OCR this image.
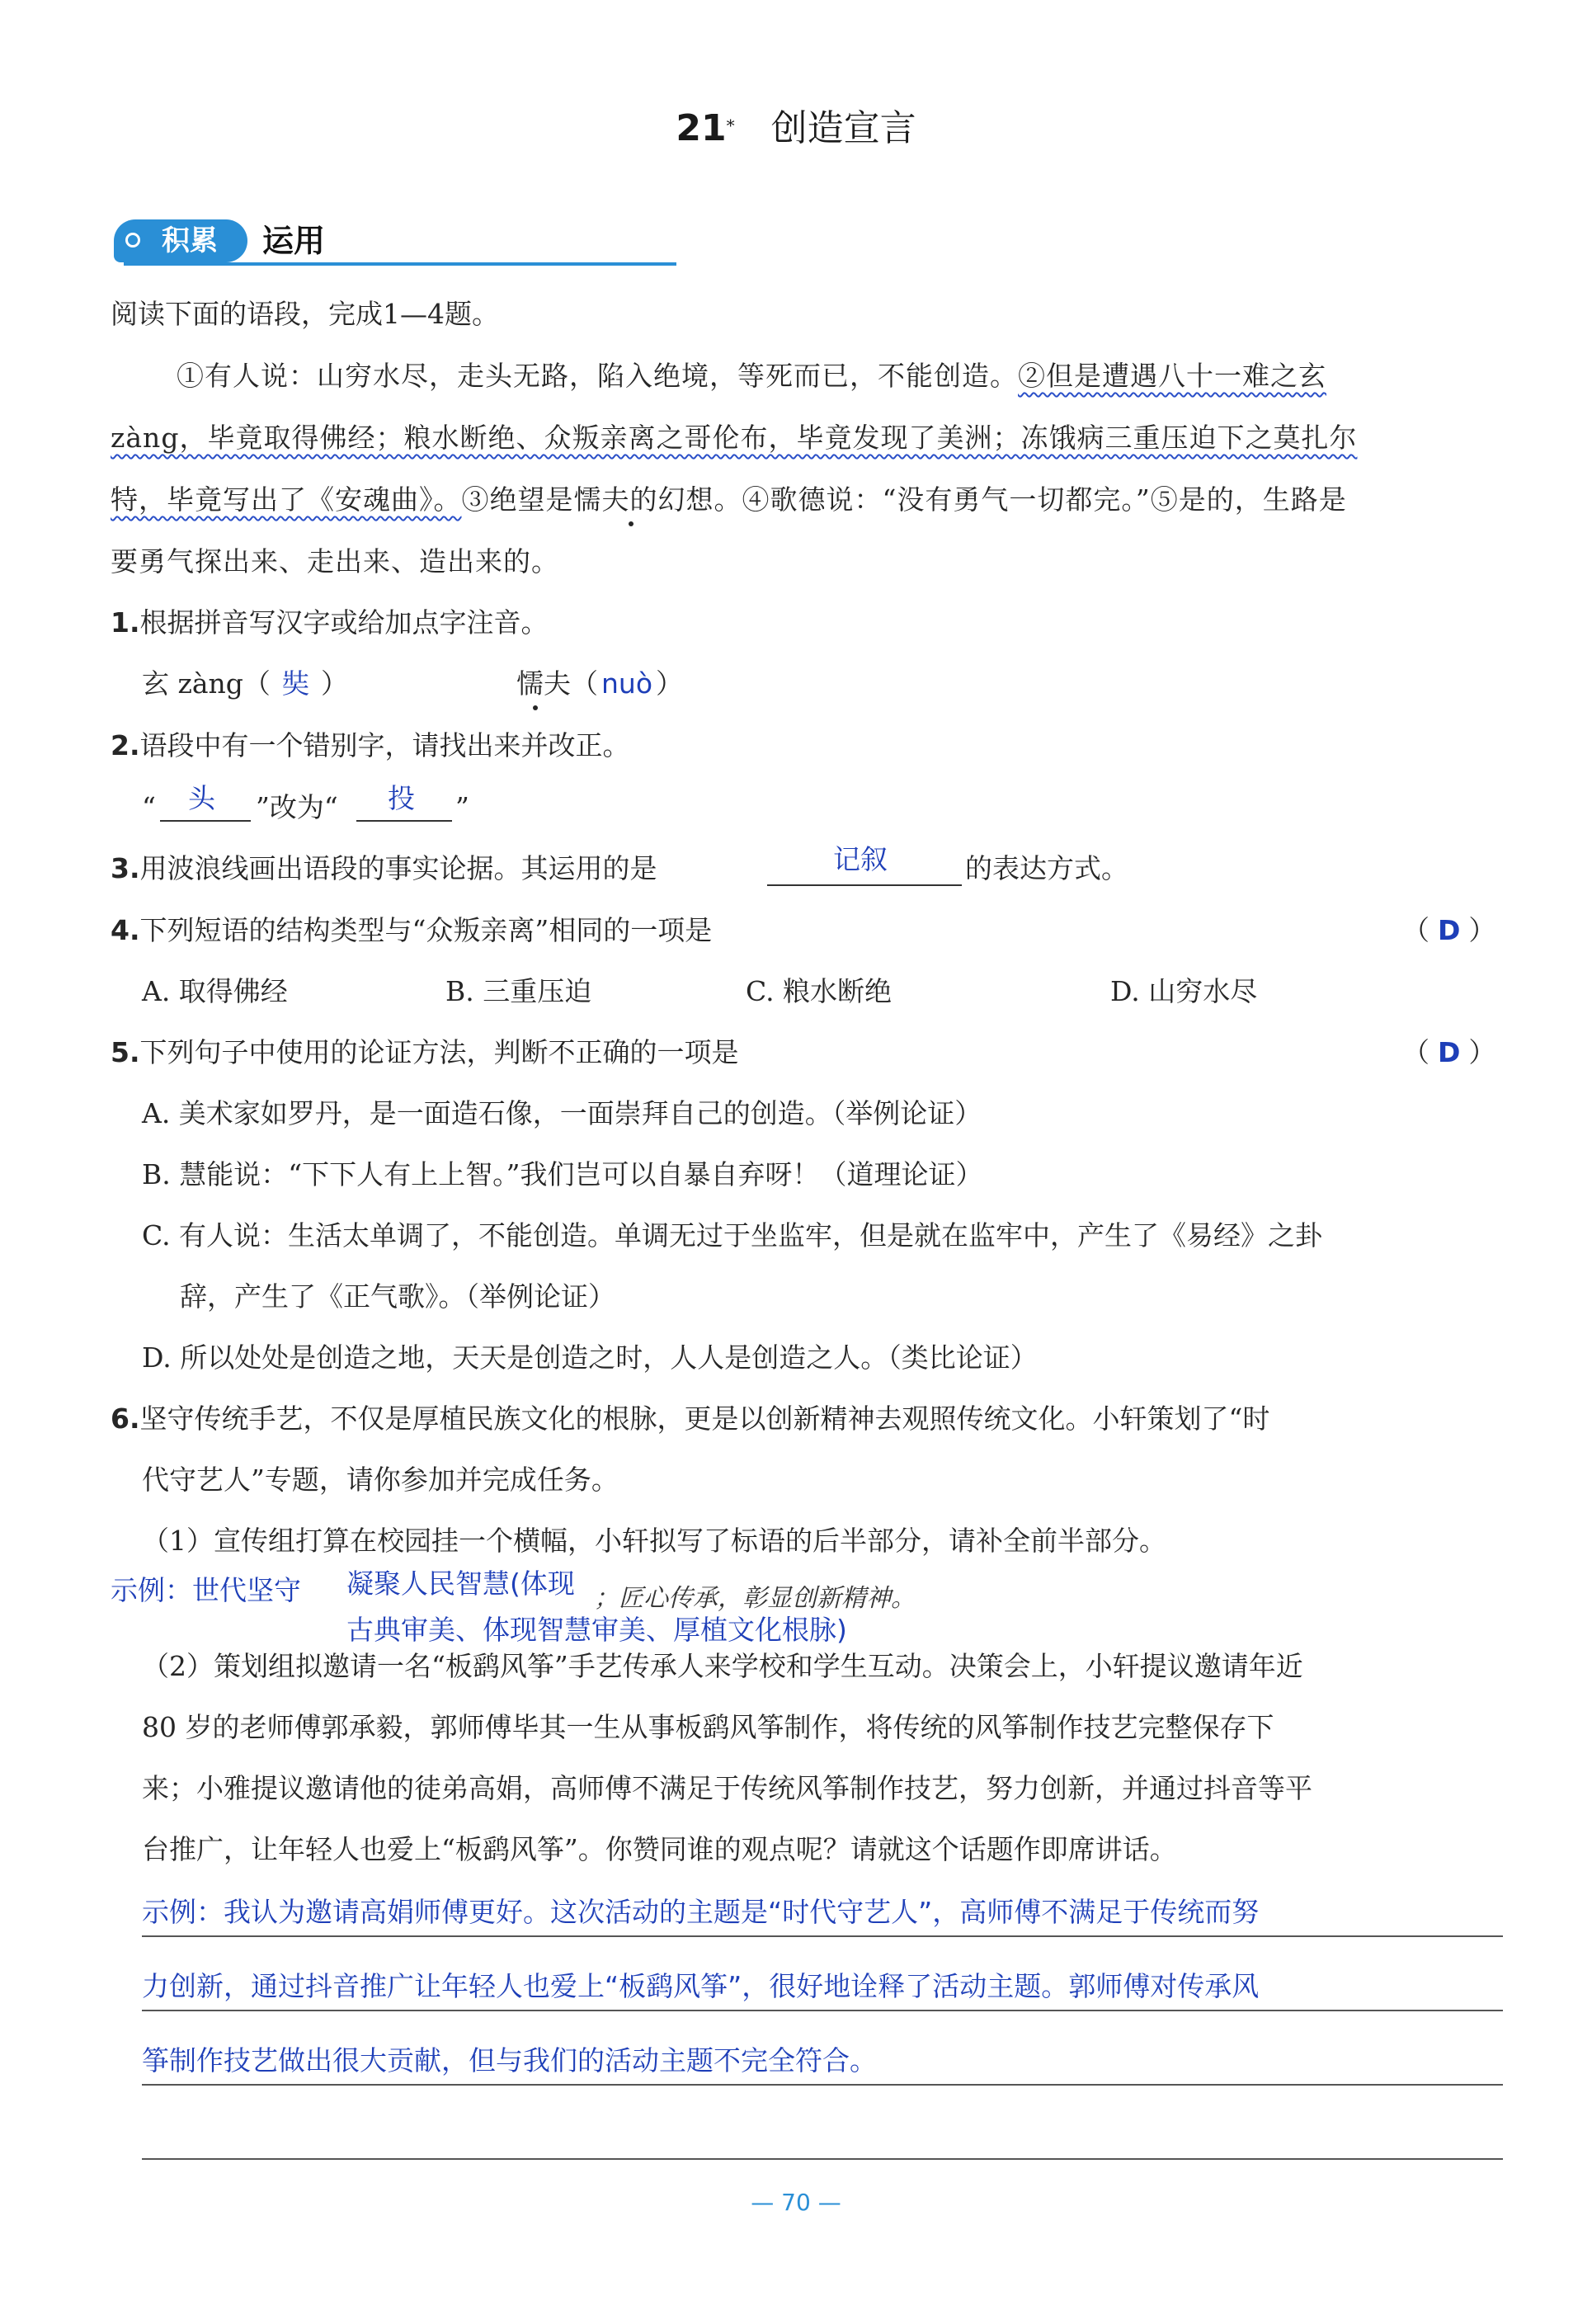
21* 创造宣言
积累 运用
阅读下面的语段，完成1—4题。
①有人说：山穷水尽，走头无路，陷入绝境，等死而已，不能创造。②但是遭遇八十一难之玄
zàng，毕竟取得佛经；粮水断绝、众叛亲离之哥伦布，毕竟发现了美洲；冻饿病三重压迫下之莫扎尔
特，毕竟写出了《安魂曲》。③绝望是懦夫的幻想。④歌德说：“没有勇气一切都完。”⑤是的，生路是
要勇气探出来、走出来、造出来的。
1.根据拼音写汉字或给加点字注音。
玄 zàng（ 奘 ）	懦夫（ nuò ）
2.语段中有一个错别字，请找出来并改正。
“ 头 ”改为“ 投 ”
3.用波浪线画出语段的事实论据。其运用的是	记叙	的表达方式。
4.下列短语的结构类型与“众叛亲离”相同的一项是	（ D ）
A. 取得佛经	B. 三重压迫	C. 粮水断绝	D. 山穷水尽
5.下列句子中使用的论证方法，判断不正确的一项是	（ D ）
A. 美术家如罗丹，是一面造石像，一面崇拜自己的创造。（举例论证）
B. 慧能说：“下下人有上上智。”我们岂可以自暴自弃呀！（道理论证）
C. 有人说：生活太单调了，不能创造。单调无过于坐监牢，但是就在监牢中，产生了《易经》之卦
辞，产生了《正气歌》。（举例论证）
D. 所以处处是创造之地，天天是创造之时，人人是创造之人。（类比论证）
6.坚守传统手艺，不仅是厚植民族文化的根脉，更是以创新精神去观照传统文化。小轩策划了“时
代守艺人”专题，请你参加并完成任务。
（1）宣传组打算在校园挂一个横幅，小轩拟写了标语的后半部分，请补全前半部分。
示例：世代坚守 凝聚人民智慧(体现 ；匠心传承，彰显创新精神。
古典审美、体现智慧审美、厚植文化根脉)
（2）策划组拟邀请一名“板鹞风筝”手艺传承人来学校和学生互动。决策会上，小轩提议邀请年近
80 岁的老师傅郭承毅，郭师傅毕其一生从事板鹞风筝制作，将传统的风筝制作技艺完整保存下
来；小雅提议邀请他的徒弟高娟，高师傅不满足于传统风筝制作技艺，努力创新，并通过抖音等平
台推广，让年轻人也爱上“板鹞风筝”。你赞同谁的观点呢？请就这个话题作即席讲话。
示例：我认为邀请高娟师傅更好。这次活动的主题是“时代守艺人”，高师傅不满足于传统而努
力创新，通过抖音推广让年轻人也爱上“板鹞风筝”，很好地诠释了活动主题。郭师傅对传承风
筝制作技艺做出很大贡献，但与我们的活动主题不完全符合。
— 70 —
